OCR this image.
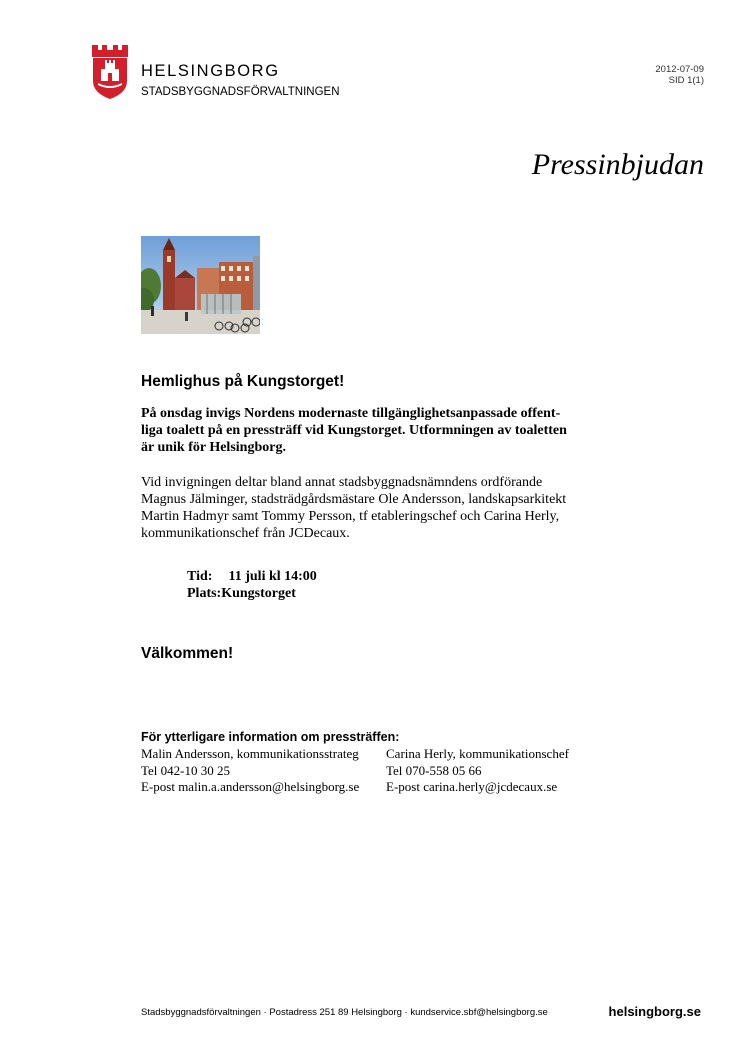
HELSINGBORG
STADSBYGGNADSFÖRVALTNINGEN
2012-07-09
SID 1(1)
Pressinbjudan
Hemlighus på Kungstorget!
På onsdag invigs Nordens modernaste tillgänglighetsanpassade offent-
liga toalett på en pressträff vid Kungstorget. Utformningen av toaletten
är unik för Helsingborg.
Vid invigningen deltar bland annat stadsbyggnadsnämndens ordförande
Magnus Jälminger, stadsträdgårdsmästare Ole Andersson, landskapsarkitekt
Martin Hadmyr samt Tommy Persson, tf etableringschef och Carina Herly,
kommunikationschef från JCDecaux.
Tid: 11 juli kl 14:00
Plats:Kungstorget
Välkommen!
För ytterligare information om pressträffen:
Malin Andersson, kommunikationsstrateg
Tel 042-10 30 25
E-post malin.a.andersson@helsingborg.se
Carina Herly, kommunikationschef
Tel 070-558 05 66
E-post carina.herly@jcdecaux.se
Stadsbyggnadsförvaltningen · Postadress 251 89 Helsingborg · kundservice.sbf@helsingborg.se	helsingborg.se
